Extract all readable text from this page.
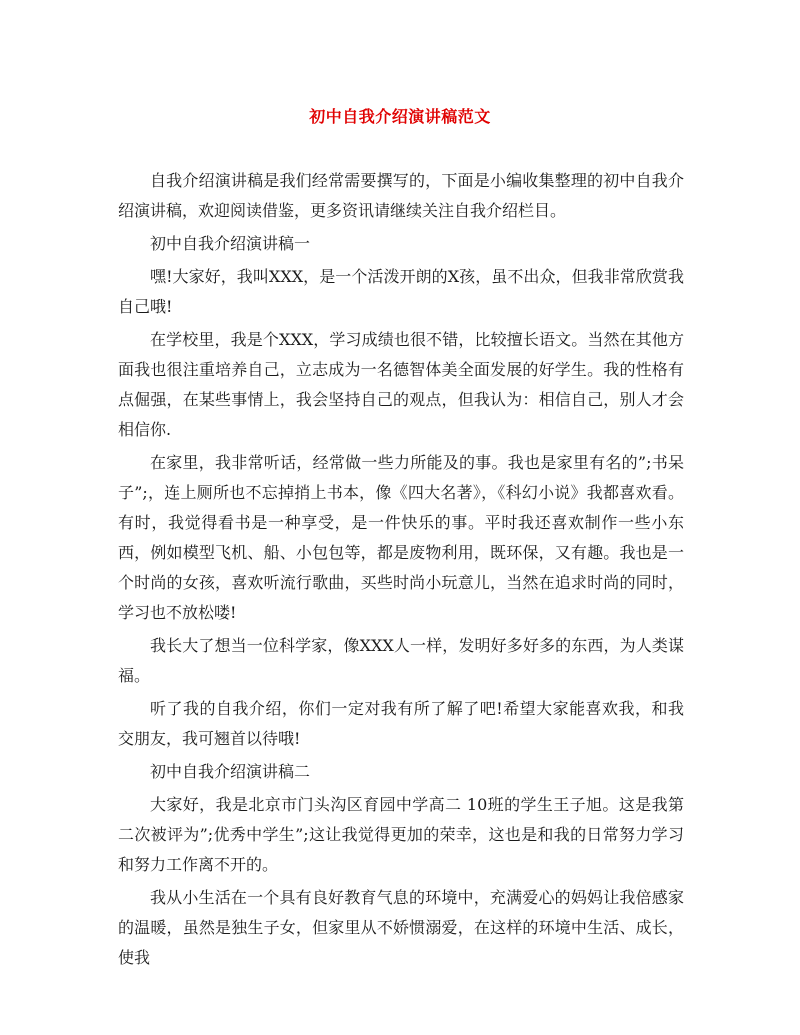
初中自我介绍演讲稿范文

自我介绍演讲稿是我们经常需要撰写的，下面是小编收集整理的初中自我介绍演讲稿，欢迎阅读借鉴，更多资讯请继续关注自我介绍栏目。

初中自我介绍演讲稿一

嘿!大家好，我叫XXX，是一个活泼开朗的X孩，虽不出众，但我非常欣赏我自己哦!

在学校里，我是个XXX，学习成绩也很不错，比较擅长语文。当然在其他方面我也很注重培养自己，立志成为一名德智体美全面发展的好学生。我的性格有点倔强，在某些事情上，我会坚持自己的观点，但我认为：相信自己，别人才会相信你.

在家里，我非常听话，经常做一些力所能及的事。我也是家里有名的”;书呆子”;，连上厕所也不忘掉捎上书本，像《四大名著》，《科幻小说》我都喜欢看。有时，我觉得看书是一种享受，是一件快乐的事。平时我还喜欢制作一些小东西，例如模型飞机、船、小包包等，都是废物利用，既环保，又有趣。我也是一个时尚的女孩，喜欢听流行歌曲，买些时尚小玩意儿，当然在追求时尚的同时，学习也不放松喽!

我长大了想当一位科学家，像XXX人一样，发明好多好多的东西，为人类谋福。

听了我的自我介绍，你们一定对我有所了解了吧!希望大家能喜欢我，和我交朋友，我可翘首以待哦!

初中自我介绍演讲稿二

大家好，我是北京市门头沟区育园中学高二 10班的学生王子旭。这是我第二次被评为”;优秀中学生”;这让我觉得更加的荣幸，这也是和我的日常努力学习和努力工作离不开的。

我从小生活在一个具有良好教育气息的环境中，充满爱心的妈妈让我倍感家的温暖，虽然是独生子女，但家里从不娇惯溺爱，在这样的环境中生活、成长，使我
